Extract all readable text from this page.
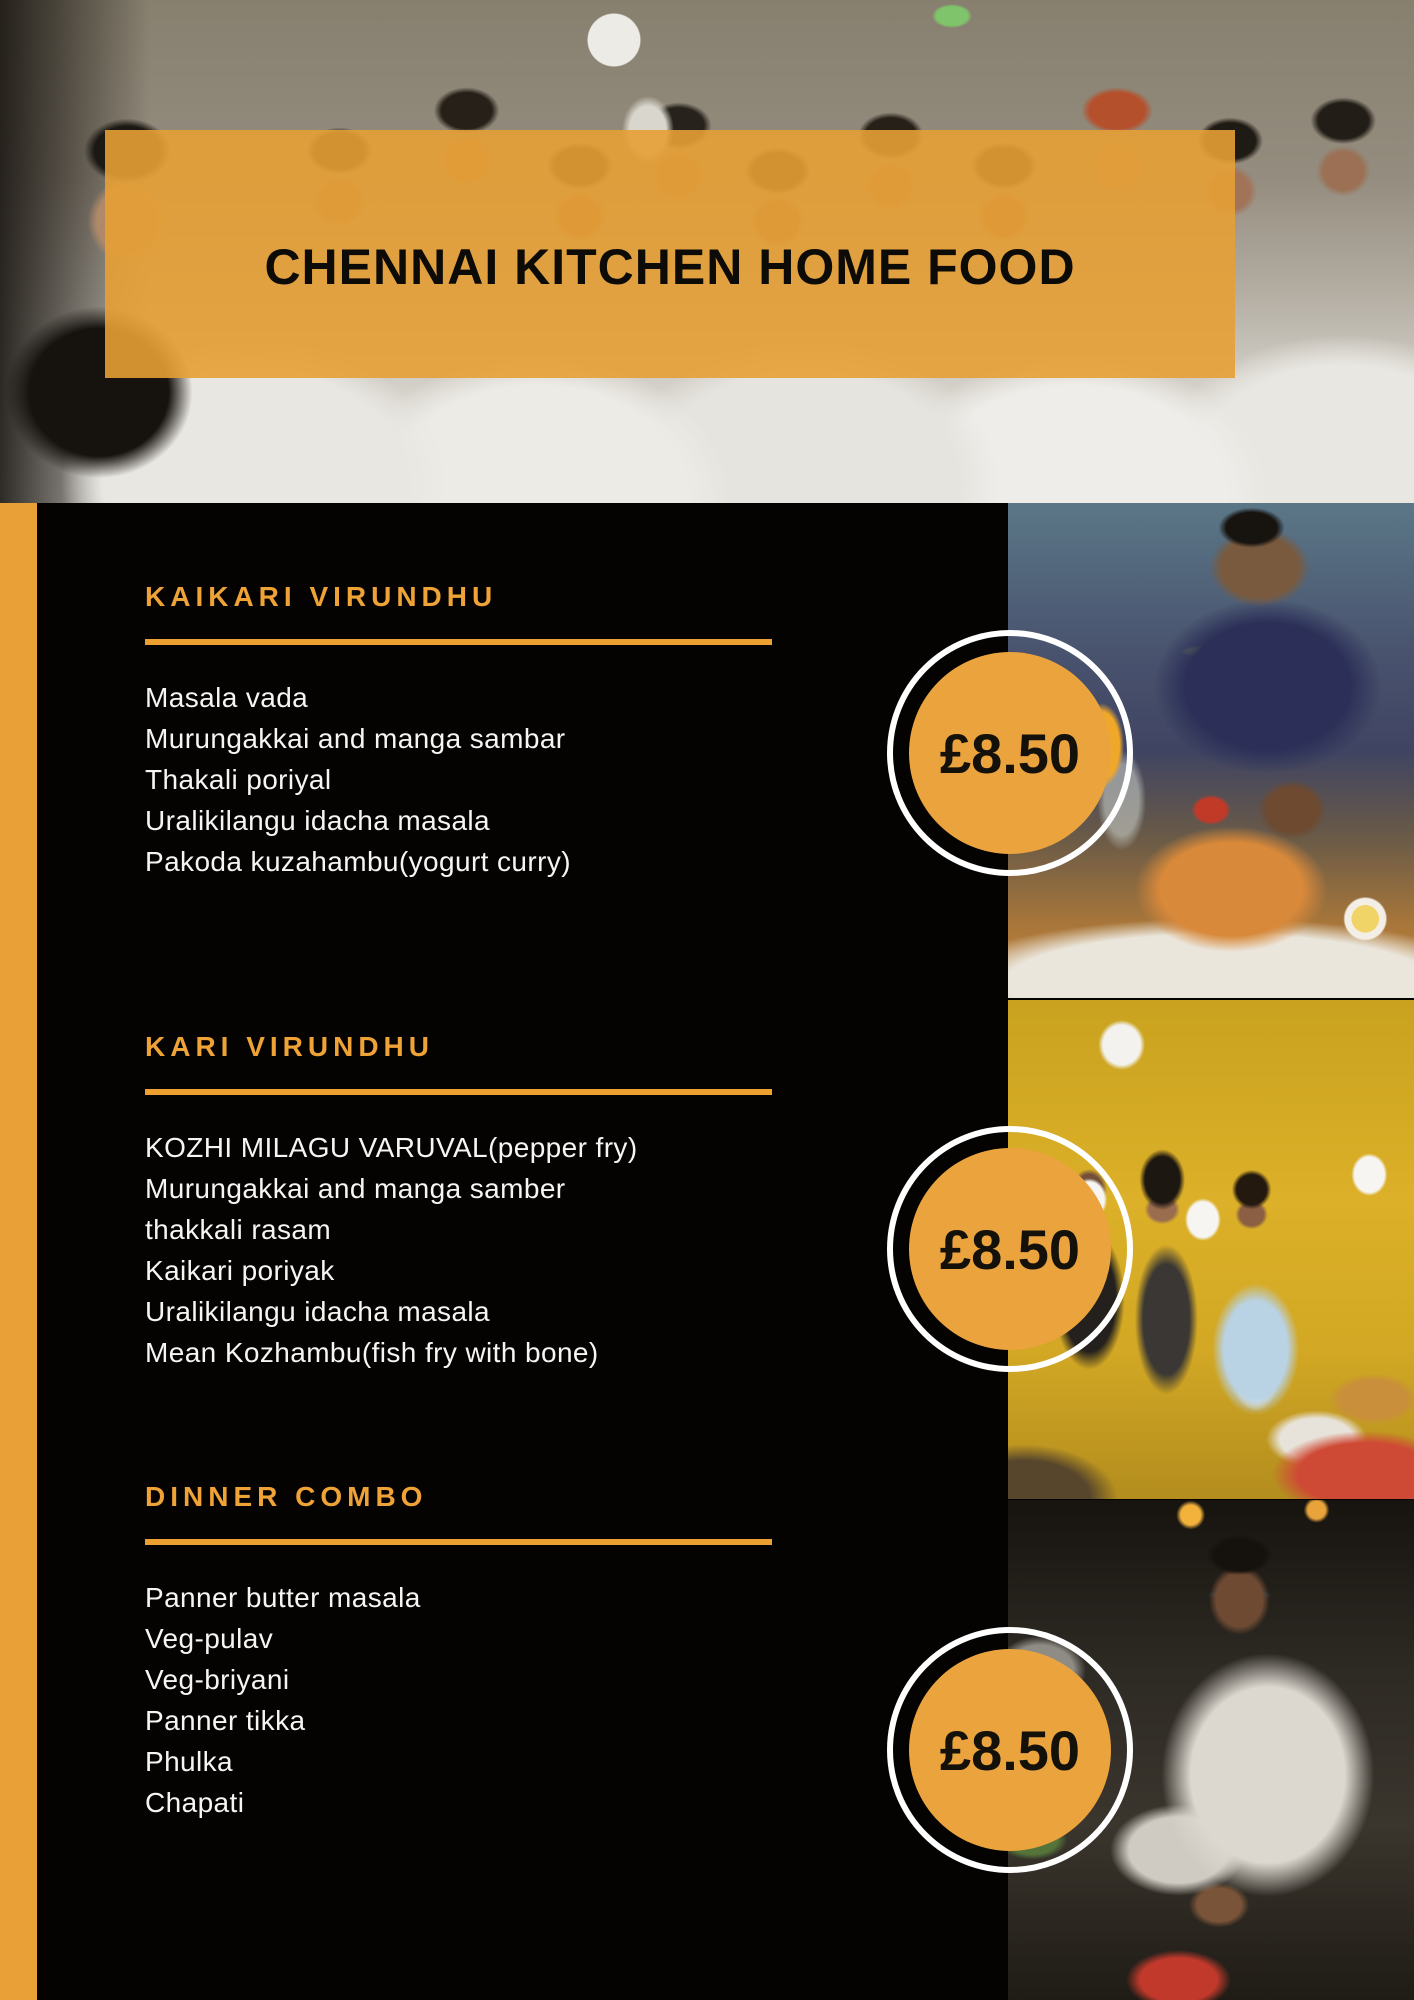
CHENNAI KITCHEN HOME FOOD
KAIKARI VIRUNDHU
Masala vada
Murungakkai and manga sambar
Thakali poriyal
Uralikilangu idacha masala
Pakoda kuzahambu(yogurt curry)
KARI VIRUNDHU
KOZHI MILAGU VARUVAL(pepper fry)
Murungakkai and manga samber
thakkali rasam
Kaikari poriyak
Uralikilangu idacha masala
Mean Kozhambu(fish fry with bone)
DINNER COMBO
Panner butter masala
Veg-pulav
Veg-briyani
Panner tikka
Phulka
Chapati
£8.50
£8.50
£8.50
